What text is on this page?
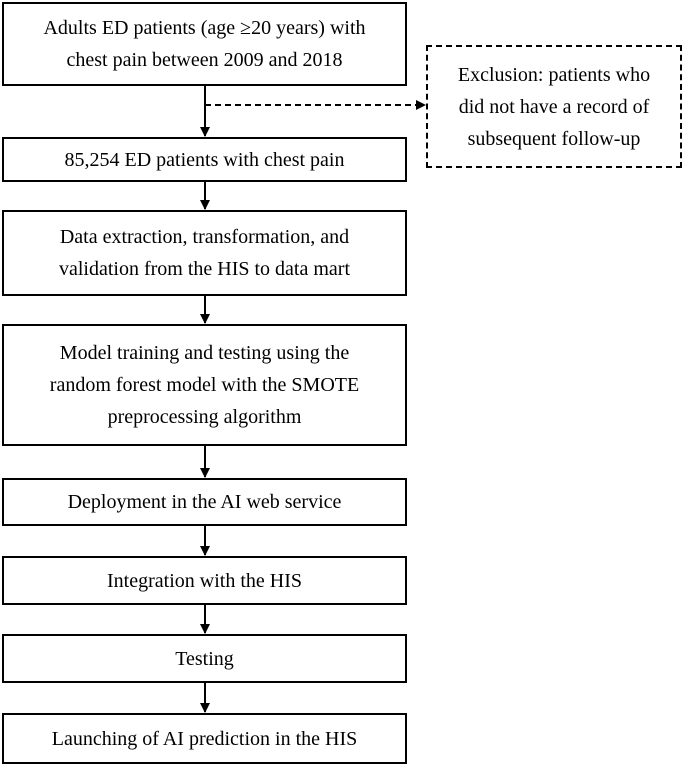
Adults ED patients (age ≥20 years) with
chest pain between 2009 and 2018
Exclusion: patients who
did not have a record of
subsequent follow-up
85,254 ED patients with chest pain
Data extraction, transformation, and
validation from the HIS to data mart
Model training and testing using the
random forest model with the SMOTE
preprocessing algorithm
Deployment in the AI web service
Integration with the HIS
Testing
Launching of AI prediction in the HIS
